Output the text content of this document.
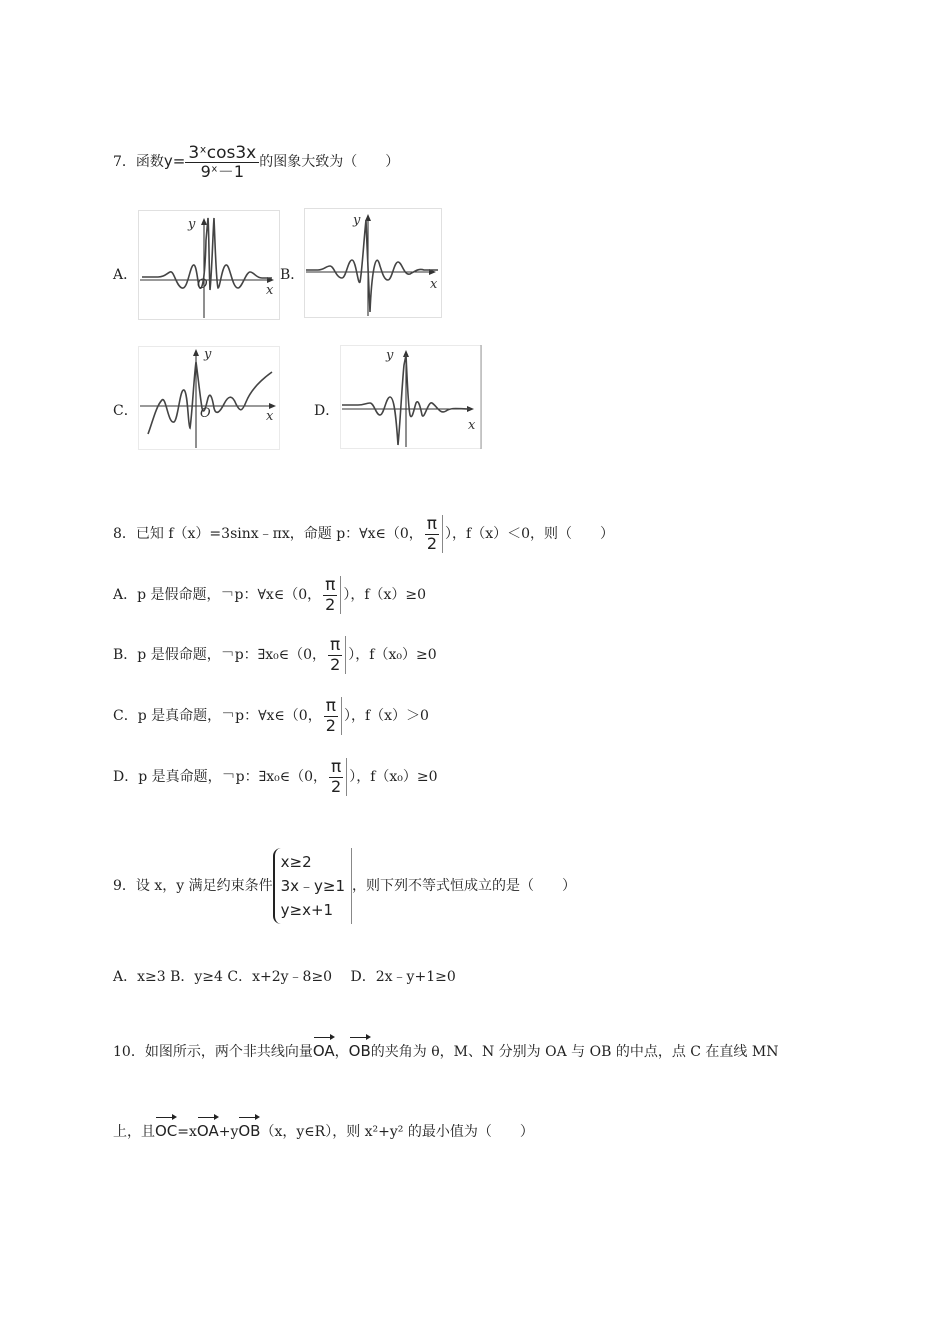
7．函数$y= \frac{\text{3ˣcos3x}}{\text{9ˣ－1}}$ 的图象大致为（　　）
A．	B．
C．	D．
O	x
y	y
x
O	x
y	y
x
8．已知 f（x）=3sinx﹣πx，命题 p：∀x∈（0， $\frac{\pi}{2}$ ），f（x）＜0，则（　　）
A．p 是假命题，￢p：∀x∈（0， $\frac{\pi}{2}$ ），f（x）≥0
B．p 是假命题，￢p：∃x₀∈（0， $\frac{\pi}{2}$ ），f（x₀）≥0
C．p 是真命题，￢p：∀x∈（0， $\frac{\pi}{2}$ ），f（x）＞0
D．p 是真命题，￢p：∃x₀∈（0， $\frac{\pi}{2}$ ），f（x₀）≥0
9．设 x，y 满足约束条件
x≥2
3x﹣y≥1
y≥x+1
，则下列不等式恒成立的是（　　）
A．x≥3 B．y≥4 C．x+2y﹣8≥0　 D．2x﹣y+1≥0
10．如图所示，两个非共线向量OA，OB的夹角为 θ，M、N 分别为 OA 与 OB 的中点，点 C 在直线 MN
上，且OC=xOA+yOB（x，y∈R），则 x²+y² 的最小值为（　　）
